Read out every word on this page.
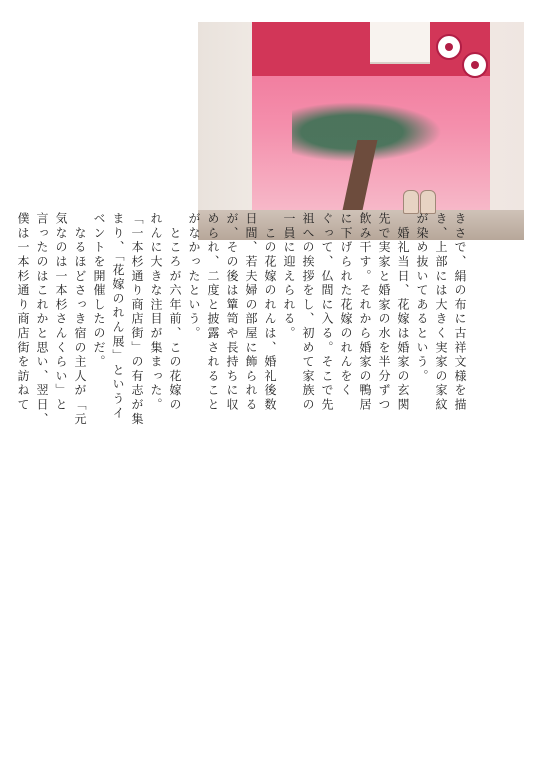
きさで、絹の布に古祥文様を描
き、上部には大きく実家の家紋
が染め抜いてあるという。
　婚礼当日、花嫁は婚家の玄関
先で実家と婚家の水を半分ずつ
飲み干す。それから婚家の鴨居
に下げられた花嫁のれんをく
ぐって、仏間に入る。そこで先
祖への挨拶をし、初めて家族の
一員に迎えられる。
　この花嫁のれんは、婚礼後数
日間、若夫婦の部屋に飾られる
が、その後は簞笥や長持ちに収
められ、二度と披露されること
がなかったという。
　ところが六年前、この花嫁の
れんに大きな注目が集まった。
「一本杉通り商店街」の有志が集
まり、「花嫁のれん展」というイ
ベントを開催したのだ。
　なるほどさっき宿の主人が「元
気なのは一本杉さんくらい」と
言ったのはこれかと思い、翌日、
僕は一本杉通り商店街を訪ねて
